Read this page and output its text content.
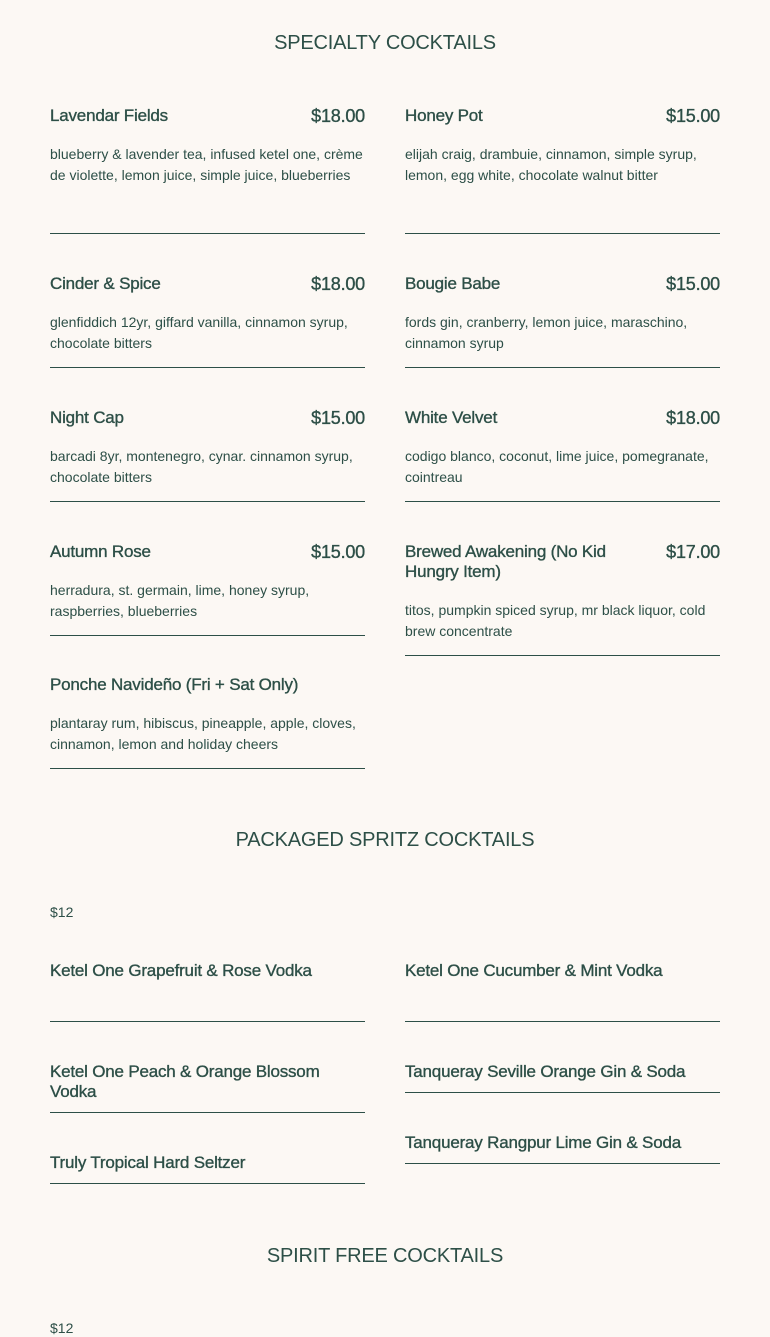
SPECIALTY COCKTAILS
Lavendar Fields	$18.00
blueberry & lavender tea, infused ketel one, crème de violette, lemon juice, simple juice, blueberries
Cinder & Spice	$18.00
glenfiddich 12yr, giffard vanilla, cinnamon syrup, chocolate bitters
Night Cap	$15.00
barcadi 8yr, montenegro, cynar. cinnamon syrup, chocolate bitters
Autumn Rose	$15.00
herradura, st. germain, lime, honey syrup, raspberries, blueberries
Ponche Navideño (Fri + Sat Only)
plantaray rum, hibiscus, pineapple, apple, cloves, cinnamon, lemon and holiday cheers
Honey Pot	$15.00
elijah craig, drambuie, cinnamon, simple syrup, lemon, egg white, chocolate walnut bitter
Bougie Babe	$15.00
fords gin, cranberry, lemon juice, maraschino, cinnamon syrup
White Velvet	$18.00
codigo blanco, coconut, lime juice, pomegranate, cointreau
Brewed Awakening (No Kid Hungry Item)
$17.00
titos, pumpkin spiced syrup, mr black liquor, cold brew concentrate
PACKAGED SPRITZ COCKTAILS
$12
Ketel One Grapefruit & Rose Vodka
Ketel One Peach & Orange Blossom Vodka
Truly Tropical Hard Seltzer
Ketel One Cucumber & Mint Vodka
Tanqueray Seville Orange Gin & Soda
Tanqueray Rangpur Lime Gin & Soda
SPIRIT FREE COCKTAILS
$12
